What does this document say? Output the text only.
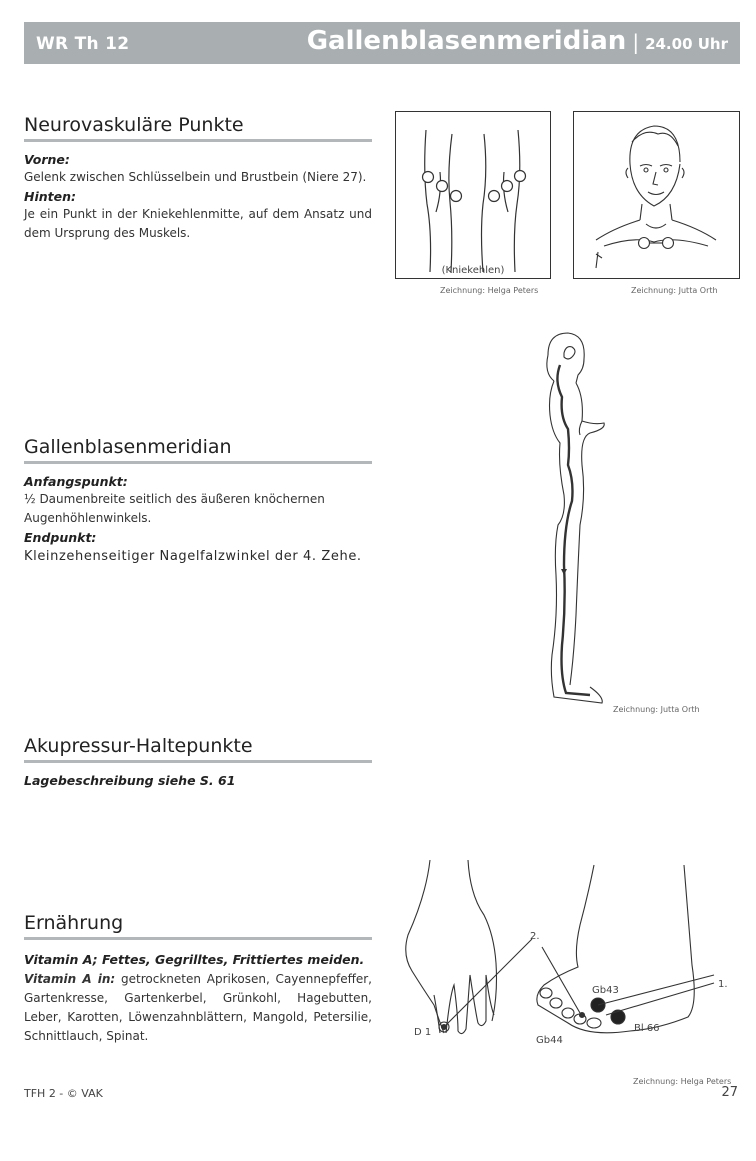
WR Th 12	Gallenblasenmeridian | 24.00 Uhr
Neurovaskuläre Punkte
Vorne:
Gelenk zwischen Schlüsselbein und Brustbein (Niere 27).
Hinten:
Je ein Punkt in der Kniekehlenmitte, auf dem Ansatz und dem Ursprung des Muskels.
Gallenblasenmeridian
Anfangspunkt:
½ Daumenbreite seitlich des äußeren knöchernen Augenhöhlenwinkels.
Endpunkt:
Kleinzehenseitiger Nagelfalzwinkel der 4. Zehe.
Akupressur-Haltepunkte
Lagebeschreibung siehe S. 61
Ernährung
Vitamin A; Fettes, Gegrilltes, Frittiertes meiden.
Vitamin A in: getrockneten Aprikosen, Cayennepfeffer, Gartenkresse, Gartenkerbel, Grünkohl, Hagebutten, Leber, Karotten, Löwenzahnblättern, Mangold, Petersilie, Schnittlauch, Spinat.
(Kniekehlen)
Zeichnung: Helga Peters	Zeichnung: Jutta Orth
Zeichnung: Jutta Orth
D 1
2.
1.
Gb43
Gb44
Bl 66
Zeichnung: Helga Peters
TFH 2 - © VAK	27
